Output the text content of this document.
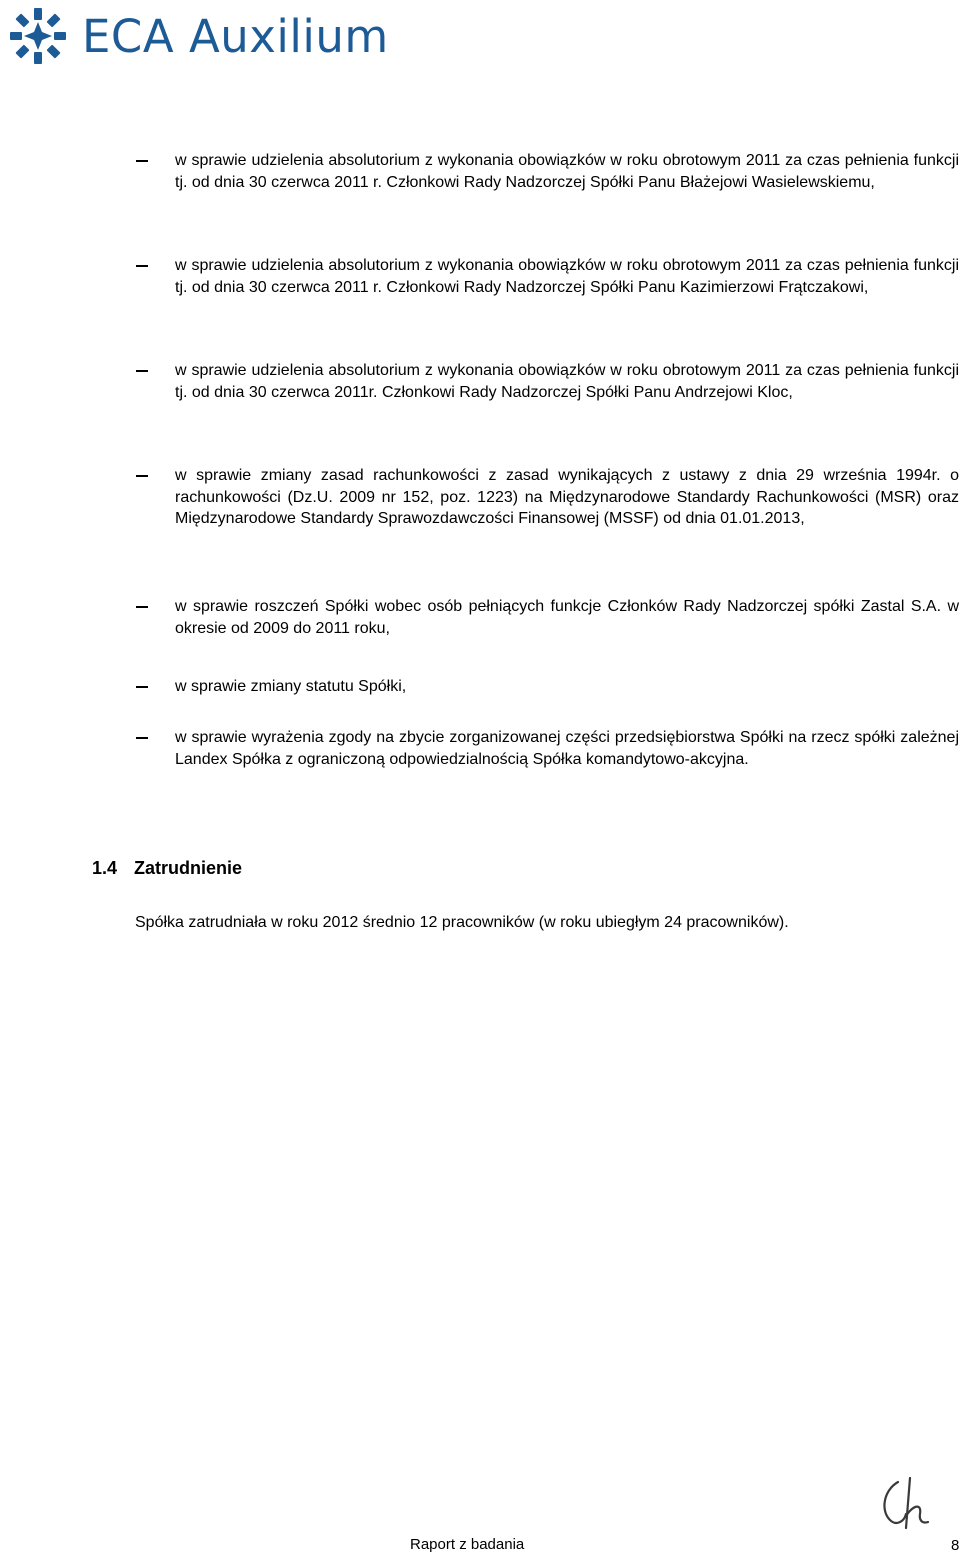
ECA Auxilium
w sprawie udzielenia absolutorium z wykonania obowiązków w roku obrotowym 2011 za czas pełnienia funkcji tj. od dnia 30 czerwca 2011 r. Członkowi Rady Nadzorczej Spółki Panu Błażejowi Wasielewskiemu,
w sprawie udzielenia absolutorium z wykonania obowiązków w roku obrotowym 2011 za czas pełnienia funkcji tj. od dnia 30 czerwca 2011 r. Członkowi Rady Nadzorczej Spółki Panu Kazimierzowi Frątczakowi,
w sprawie udzielenia absolutorium z wykonania obowiązków w roku obrotowym 2011 za czas pełnienia funkcji tj. od dnia 30 czerwca 2011r. Członkowi Rady Nadzorczej Spółki Panu Andrzejowi Kloc,
w sprawie zmiany zasad rachunkowości z zasad wynikających z ustawy z dnia 29 września 1994r. o rachunkowości (Dz.U. 2009 nr 152, poz. 1223) na Międzynarodowe Standardy Rachunkowości (MSR) oraz Międzynarodowe Standardy Sprawozdawczości Finansowej (MSSF) od dnia 01.01.2013,
w sprawie roszczeń Spółki wobec osób pełniących funkcje Członków Rady Nadzorczej spółki Zastal S.A. w okresie od 2009 do 2011 roku,
w sprawie zmiany statutu Spółki,
w sprawie wyrażenia zgody na zbycie zorganizowanej części przedsiębiorstwa Spółki na rzecz spółki zależnej Landex Spółka z ograniczoną odpowiedzialnością Spółka komandytowo-akcyjna.
1.4 Zatrudnienie
Spółka zatrudniała w roku 2012 średnio 12 pracowników (w roku ubiegłym 24 pracowników).
Raport z badania	8
